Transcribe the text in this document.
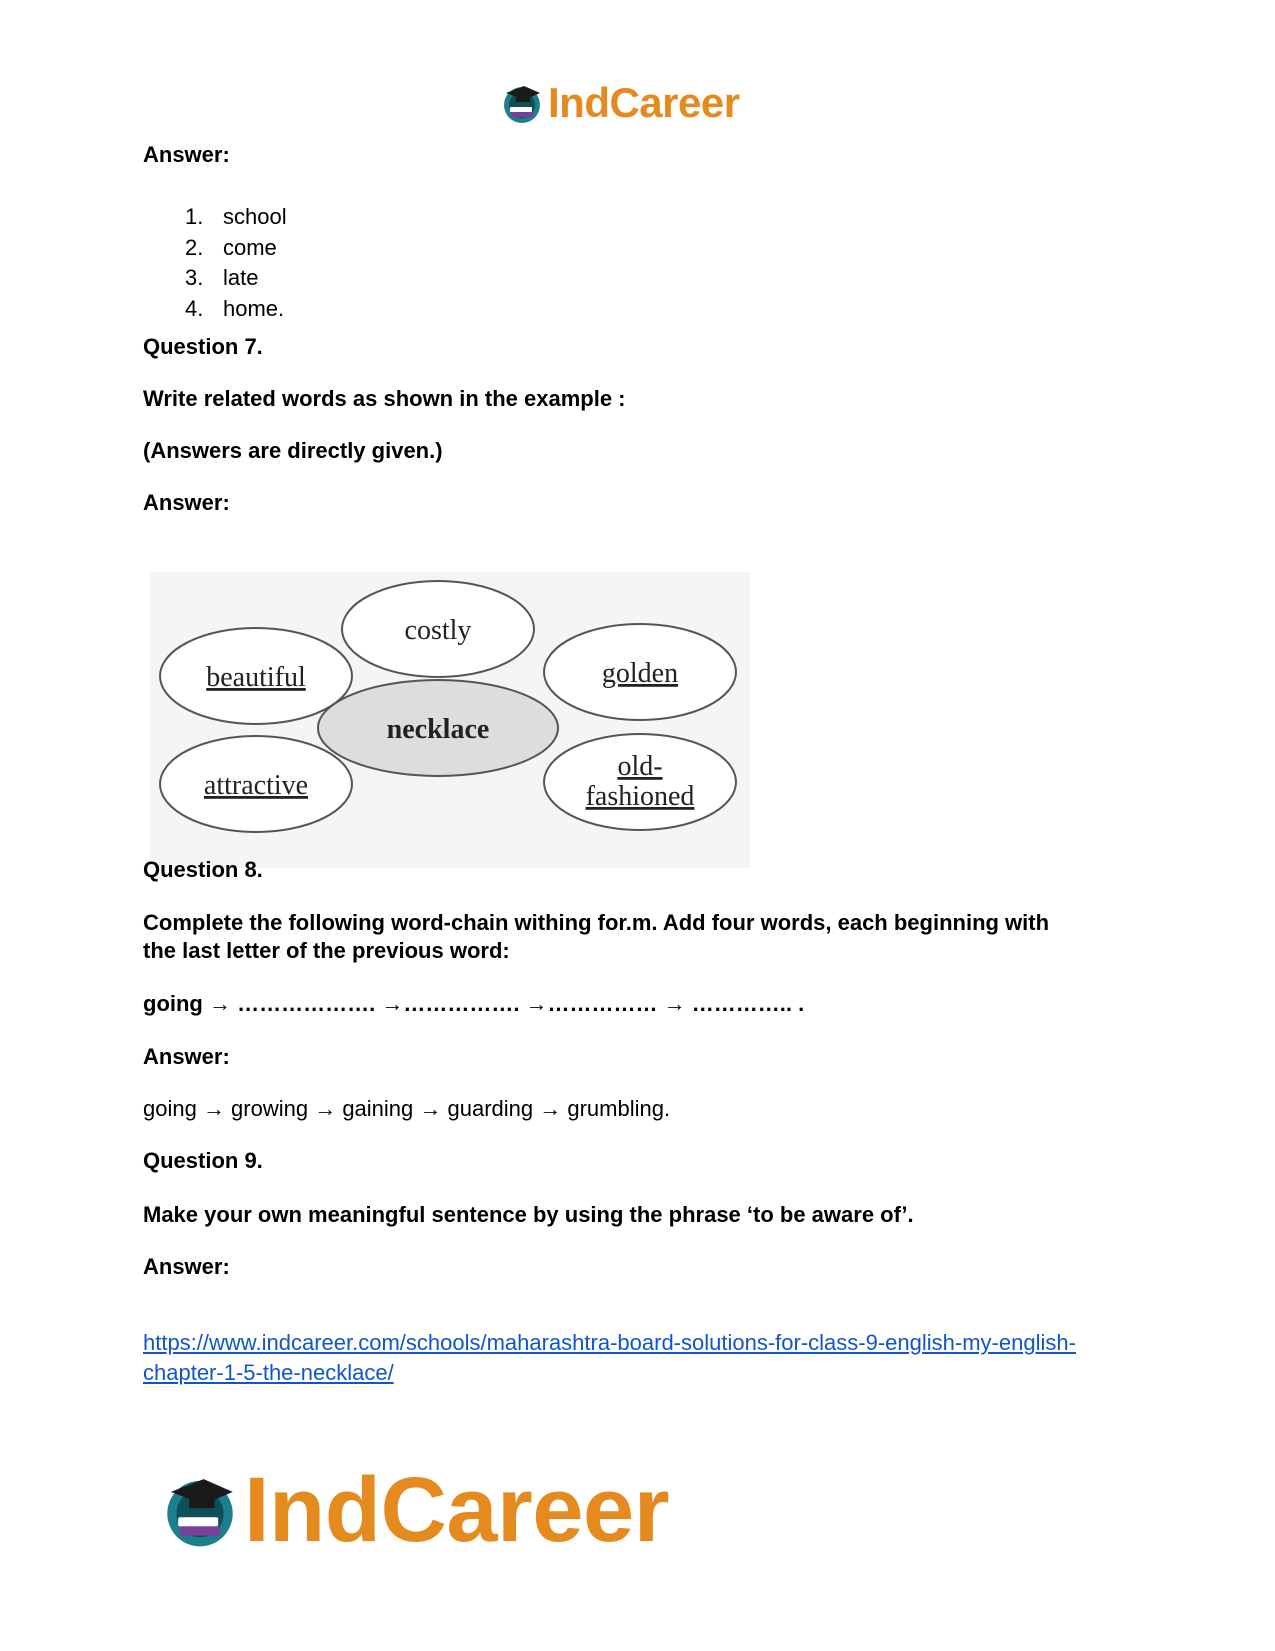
IndCareer
Answer:
1. school
2. come
3. late
4. home.
Question 7.
Write related words as shown in the example :
(Answers are directly given.)
Answer:
costly
beautiful	golden
necklace
attractive
old-
fashioned
Question 8.
Complete the following word-chain withing for.m. Add four words, each beginning with
the last letter of the previous word:
going → ………………. →……………. →…………… → ………….. .
Answer:
going → growing → gaining → guarding → grumbling.
Question 9.
Make your own meaningful sentence by using the phrase ‘to be aware of’.
Answer:
https://www.indcareer.com/schools/maharashtra-board-solutions-for-class-9-english-my-english-
chapter-1-5-the-necklace/
IndCareer
